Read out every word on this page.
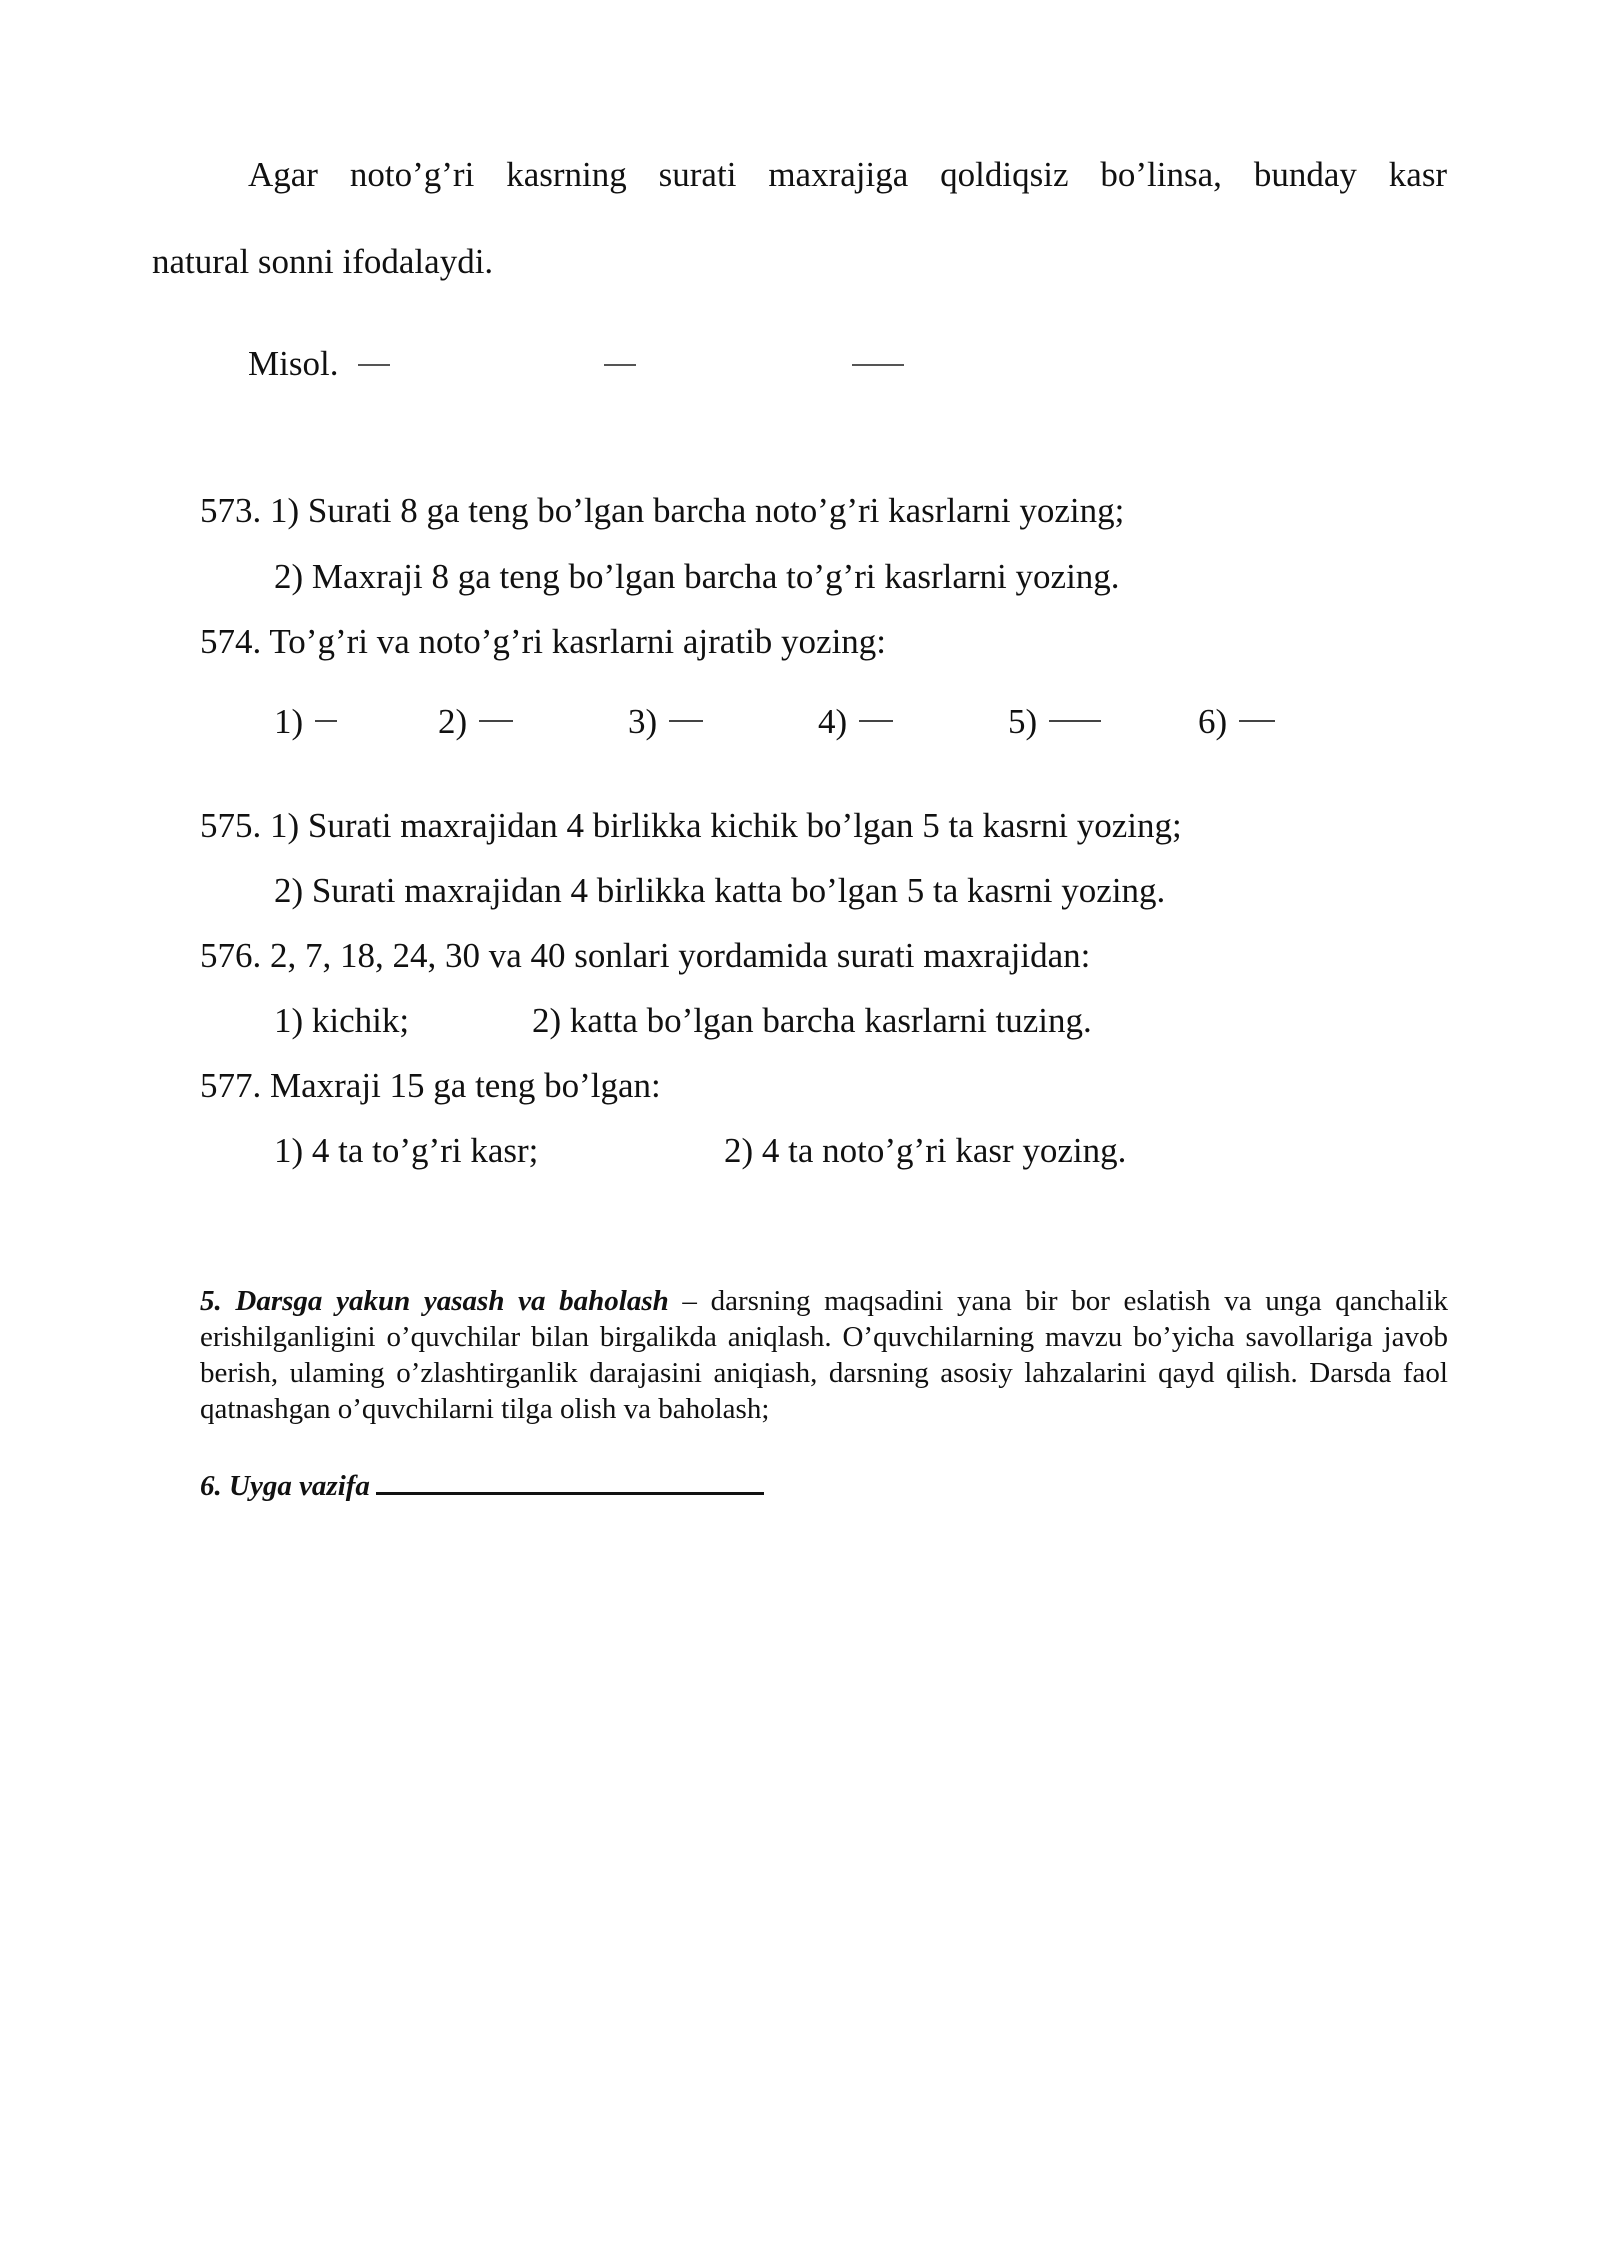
Agar noto’g’ri kasrning surati maxrajiga qoldiqsiz bo’linsa, bunday kasr
natural sonni ifodalaydi.
Misol.
573. 1) Surati 8 ga teng bo’lgan barcha noto’g’ri kasrlarni yozing;
2) Maxraji 8 ga teng bo’lgan barcha to’g’ri kasrlarni yozing.
574. To’g’ri va noto’g’ri kasrlarni ajratib yozing:
1)	2)	3)	4)	5)	6)
575. 1) Surati maxrajidan 4 birlikka kichik bo’lgan 5 ta kasrni yozing;
2) Surati maxrajidan 4 birlikka katta bo’lgan 5 ta kasrni yozing.
576. 2, 7, 18, 24, 30 va 40 sonlari yordamida surati maxrajidan:
1) kichik;	2) katta bo’lgan barcha kasrlarni tuzing.
577. Maxraji 15 ga teng bo’lgan:
1) 4 ta to’g’ri kasr;	2) 4 ta noto’g’ri kasr yozing.

5. Darsga yakun yasash va baholash – darsning maqsadini yana bir bor eslatish va unga qanchalik erishilganligini o’quvchilar bilan birgalikda aniqlash. O’quvchilarning mavzu bo’yicha savollariga javob berish, ulaming o’zlashtirganlik darajasini aniqiash, darsning asosiy lahzalarini qayd qilish. Darsda faol qatnashgan o’quvchilarni tilga olish va baholash;

6. Uyga vazifa
